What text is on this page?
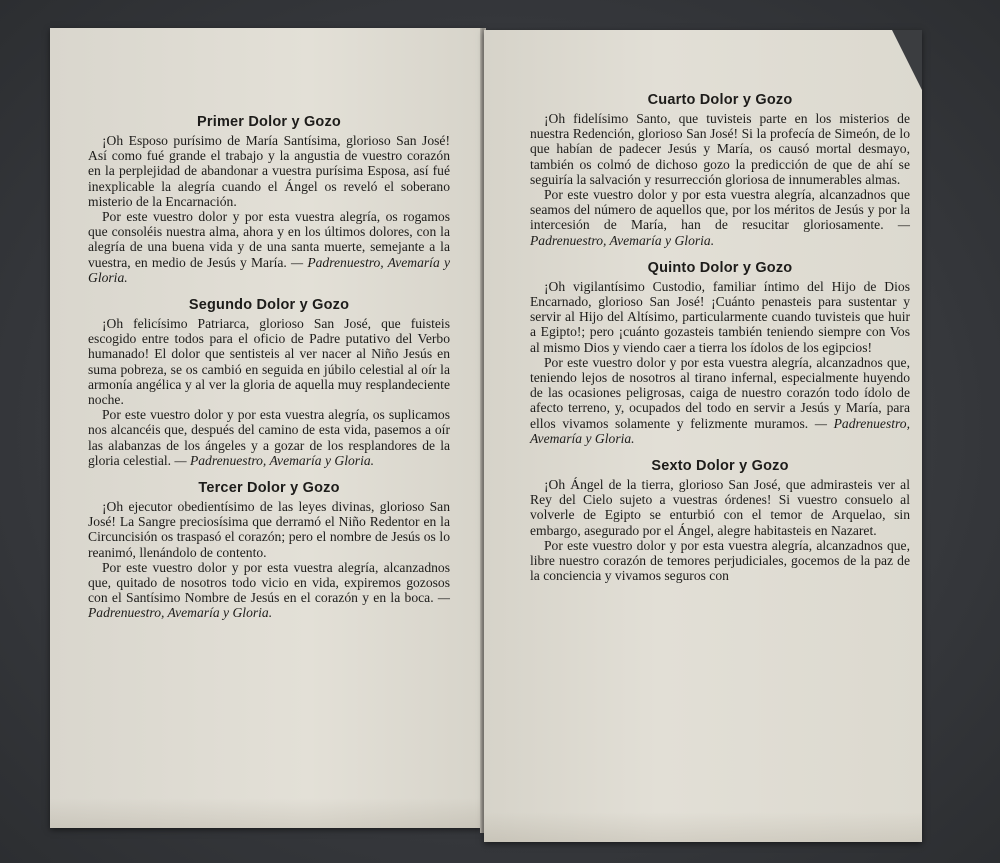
Primer Dolor y Gozo

¡Oh Esposo purísimo de María Santísima, glorioso San José! Así como fué grande el trabajo y la angustia de vuestro corazón en la perplejidad de abandonar a vuestra purísima Esposa, así fué inexplicable la alegría cuando el Ángel os reveló el soberano misterio de la Encarnación.

Por este vuestro dolor y por esta vuestra alegría, os rogamos que consoléis nuestra alma, ahora y en los últimos dolores, con la alegría de una buena vida y de una santa muerte, semejante a la vuestra, en medio de Jesús y María. — Padrenuestro, Avemaría y Gloria.

Segundo Dolor y Gozo

¡Oh felicísimo Patriarca, glorioso San José, que fuisteis escogido entre todos para el oficio de Padre putativo del Verbo humanado! El dolor que sentisteis al ver nacer al Niño Jesús en suma pobreza, se os cambió en seguida en júbilo celestial al oír la armonía angélica y al ver la gloria de aquella muy resplandeciente noche.

Por este vuestro dolor y por esta vuestra alegría, os suplicamos nos alcancéis que, después del camino de esta vida, pasemos a oír las alabanzas de los ángeles y a gozar de los resplandores de la gloria celestial. — Padrenuestro, Avemaría y Gloria.

Tercer Dolor y Gozo

¡Oh ejecutor obedientísimo de las leyes divinas, glorioso San José! La Sangre preciosísima que derramó el Niño Redentor en la Circuncisión os traspasó el corazón; pero el nombre de Jesús os lo reanimó, llenándolo de contento.

Por este vuestro dolor y por esta vuestra alegría, alcanzadnos que, quitado de nosotros todo vicio en vida, expiremos gozosos con el Santísimo Nombre de Jesús en el corazón y en la boca. —Padrenuestro, Avemaría y Gloria.

Cuarto Dolor y Gozo

¡Oh fidelísimo Santo, que tuvisteis parte en los misterios de nuestra Redención, glorioso San José! Si la profecía de Simeón, de lo que habían de padecer Jesús y María, os causó mortal desmayo, también os colmó de dichoso gozo la predicción de que de ahí se seguiría la salvación y resurrección gloriosa de innumerables almas.

Por este vuestro dolor y por esta vuestra alegría, alcanzadnos que seamos del número de aquellos que, por los méritos de Jesús y por la intercesión de María, han de resucitar gloriosamente. — Padrenuestro, Avemaría y Gloria.

Quinto Dolor y Gozo

¡Oh vigilantísimo Custodio, familiar íntimo del Hijo de Dios Encarnado, glorioso San José! ¡Cuánto penasteis para sustentar y servir al Hijo del Altísimo, particularmente cuando tuvisteis que huir a Egipto!; pero ¡cuánto gozasteis también teniendo siempre con Vos al mismo Dios y viendo caer a tierra los ídolos de los egipcios!

Por este vuestro dolor y por esta vuestra alegría, alcanzadnos que, teniendo lejos de nosotros al tirano infernal, especialmente huyendo de las ocasiones peligrosas, caiga de nuestro corazón todo ídolo de afecto terreno, y, ocupados del todo en servir a Jesús y María, para ellos vivamos solamente y felizmente muramos. — Padrenuestro, Avemaría y Gloria.

Sexto Dolor y Gozo

¡Oh Ángel de la tierra, glorioso San José, que admirasteis ver al Rey del Cielo sujeto a vuestras órdenes! Si vuestro consuelo al volverle de Egipto se enturbió con el temor de Arquelao, sin embargo, asegurado por el Ángel, alegre habitasteis en Nazaret.

Por este vuestro dolor y por esta vuestra alegría, alcanzadnos que, libre nuestro corazón de temores perjudiciales, gocemos de la paz de la conciencia y vivamos seguros con
